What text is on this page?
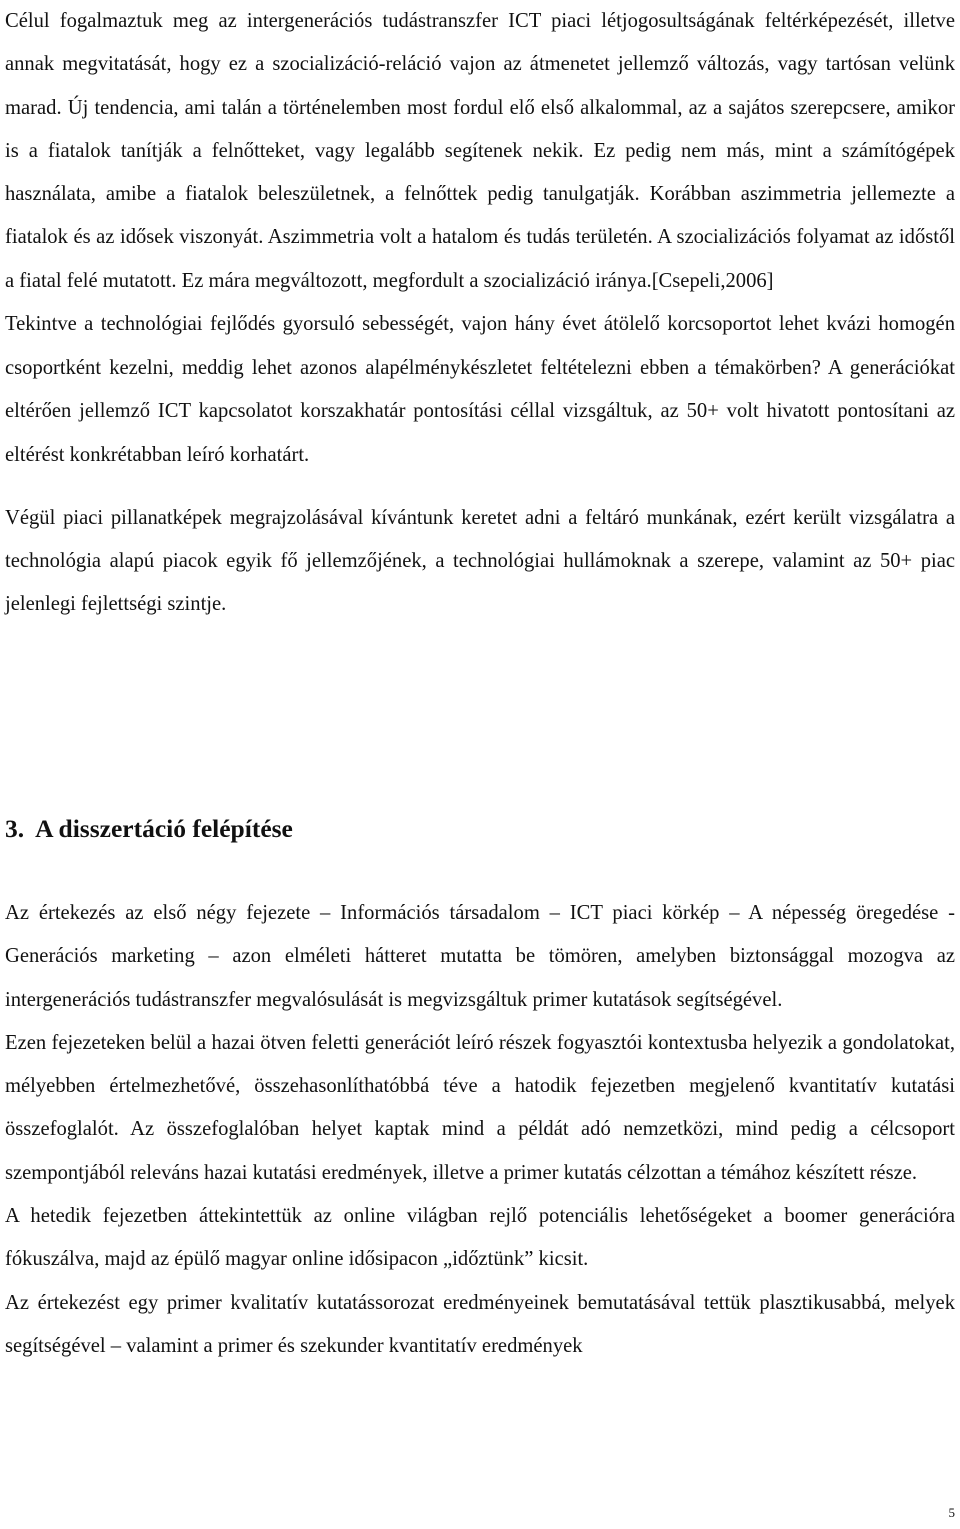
Célul fogalmaztuk meg az intergenerációs tudástranszfer ICT piaci létjogosultságának feltérképezését, illetve annak megvitatását, hogy ez a szocializáció-reláció vajon az átmenetet jellemző változás, vagy tartósan velünk marad. Új tendencia, ami talán a történelemben most fordul elő első alkalommal, az a sajátos szerepcsere, amikor is a fiatalok tanítják a felnőtteket, vagy legalább segítenek nekik. Ez pedig nem más, mint a számítógépek használata, amibe a fiatalok beleszületnek, a felnőttek pedig tanulgatják. Korábban aszimmetria jellemezte a fiatalok és az idősek viszonyát. Aszimmetria volt a hatalom és tudás területén. A szocializációs folyamat az időstől a fiatal felé mutatott. Ez mára megváltozott, megfordult a szocializáció iránya.[Csepeli,2006]

Tekintve a technológiai fejlődés gyorsuló sebességét, vajon hány évet átölelő korcsoportot lehet kvázi homogén csoportként kezelni, meddig lehet azonos alapélménykészletet feltételezni ebben a témakörben? A generációkat eltérően jellemző ICT kapcsolatot korszakhatár pontosítási céllal vizsgáltuk, az 50+ volt hivatott pontosítani az eltérést konkrétabban leíró korhatárt.

Végül piaci pillanatképek megrajzolásával kívántunk keretet adni a feltáró munkának, ezért került vizsgálatra a technológia alapú piacok egyik fő jellemzőjének, a technológiai hullámoknak a szerepe, valamint az 50+ piac jelenlegi fejlettségi szintje.

3. A disszertáció felépítése

Az értekezés az első négy fejezete – Információs társadalom – ICT piaci körkép – A népesség öregedése - Generációs marketing – azon elméleti hátteret mutatta be tömören, amelyben biztonsággal mozogva az intergenerációs tudástranszfer megvalósulását is megvizsgáltuk primer kutatások segítségével.

Ezen fejezeteken belül a hazai ötven feletti generációt leíró részek fogyasztói kontextusba helyezik a gondolatokat, mélyebben értelmezhetővé, összehasonlíthatóbbá téve a hatodik fejezetben megjelenő kvantitatív kutatási összefoglalót. Az összefoglalóban helyet kaptak mind a példát adó nemzetközi, mind pedig a célcsoport szempontjából releváns hazai kutatási eredmények, illetve a primer kutatás célzottan a témához készített része.

A hetedik fejezetben áttekintettük az online világban rejlő potenciális lehetőségeket a boomer generációra fókuszálva, majd az épülő magyar online idősipacon „időztünk” kicsit.

Az értekezést egy primer kvalitatív kutatássorozat eredményeinek bemutatásával tettük plasztikusabbá, melyek segítségével – valamint a primer és szekunder kvantitatív eredmények

5
